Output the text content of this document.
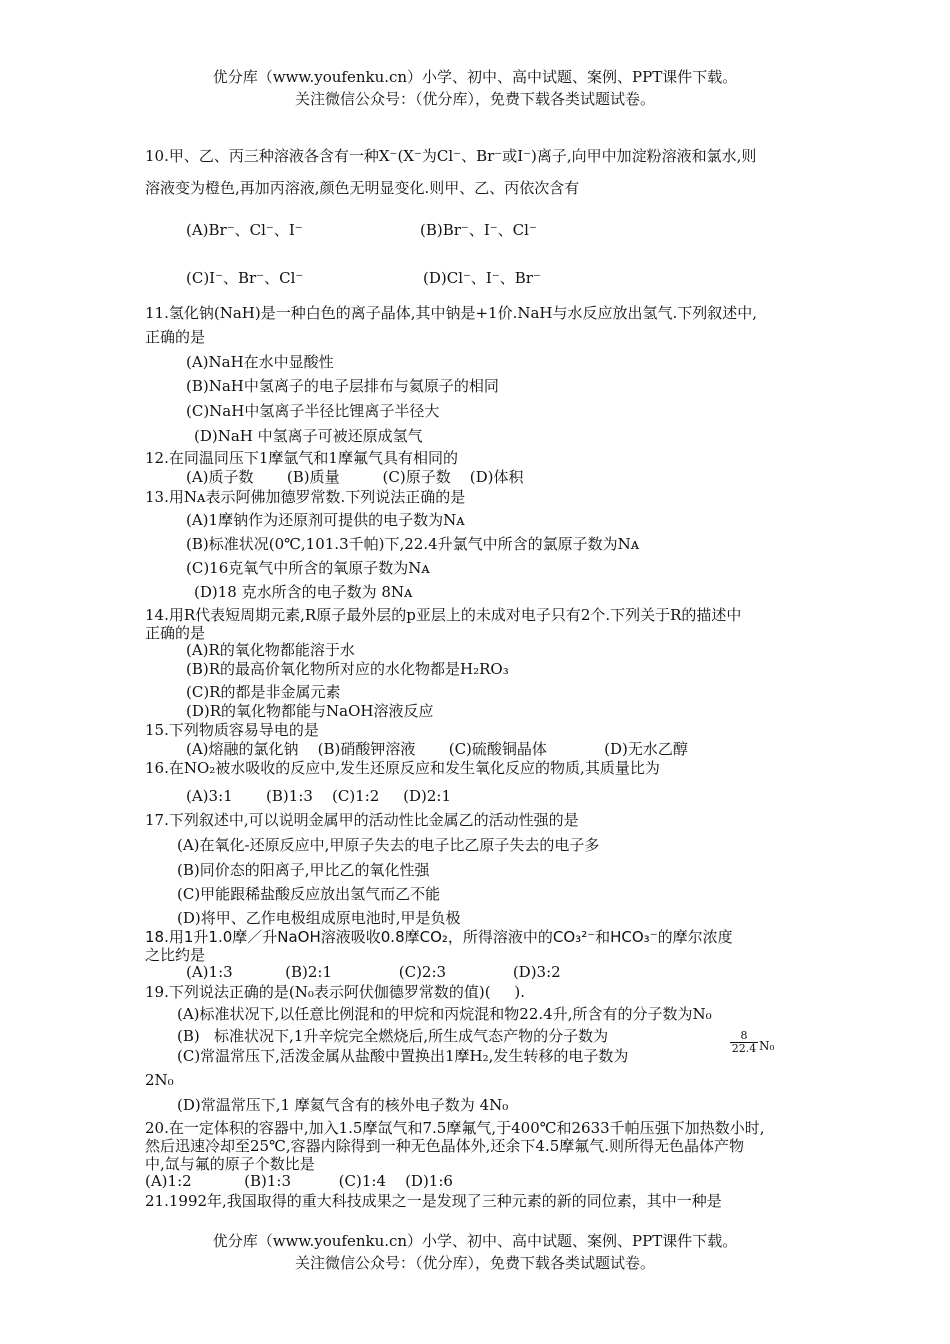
优分库（www.youfenku.cn）小学、初中、高中试题、案例、PPT课件下载。
关注微信公众号：（优分库），免费下载各类试题试卷。
10.甲、乙、丙三种溶液各含有一种X⁻(X⁻为Cl⁻、Br⁻或I⁻)离子,向甲中加淀粉溶液和氯水,则
溶液变为橙色,再加丙溶液,颜色无明显变化.则甲、乙、丙依次含有
(A)Br⁻、Cl⁻、I⁻	(B)Br⁻、I⁻、Cl⁻
(C)I⁻、Br⁻、Cl⁻	(D)Cl⁻、I⁻、Br⁻
11.氢化钠(NaH)是一种白色的离子晶体,其中钠是+1价.NaH与水反应放出氢气.下列叙述中,
正确的是
(A)NaH在水中显酸性
(B)NaH中氢离子的电子层排布与氦原子的相同
(C)NaH中氢离子半径比锂离子半径大
(D)NaH 中氢离子可被还原成氢气
12.在同温同压下1摩氩气和1摩氟气具有相同的
(A)质子数       (B)质量         (C)原子数    (D)体积
13.用Nᴀ表示阿佛加德罗常数.下列说法正确的是
(A)1摩钠作为还原剂可提供的电子数为Nᴀ
(B)标准状况(0℃,101.3千帕)下,22.4升氯气中所含的氯原子数为Nᴀ
(C)16克氧气中所含的氧原子数为Nᴀ
(D)18 克水所含的电子数为 8Nᴀ
14.用R代表短周期元素,R原子最外层的p亚层上的未成对电子只有2个.下列关于R的描述中
正确的是
(A)R的氧化物都能溶于水
(B)R的最高价氧化物所对应的水化物都是H₂RO₃
(C)R的都是非金属元素
(D)R的氧化物都能与NaOH溶液反应
15.下列物质容易导电的是
(A)熔融的氯化钠    (B)硝酸钾溶液       (C)硫酸铜晶体            (D)无水乙醇
16.在NO₂被水吸收的反应中,发生还原反应和发生氧化反应的物质,其质量比为
(A)3:1       (B)1:3    (C)1:2     (D)2:1
17.下列叙述中,可以说明金属甲的活动性比金属乙的活动性强的是
(A)在氧化-还原反应中,甲原子失去的电子比乙原子失去的电子多
(B)同价态的阳离子,甲比乙的氧化性强
(C)甲能跟稀盐酸反应放出氢气而乙不能
(D)将甲、乙作电极组成原电池时,甲是负极
18.用1升1.0摩／升NaOH溶液吸收0.8摩CO₂，所得溶液中的CO₃²⁻和HCO₃⁻的摩尔浓度
之比约是
(A)1:3           (B)2:1              (C)2:3              (D)3:2
19.下列说法正确的是(N₀表示阿伏伽德罗常数的值)(     ).
(A)标准状况下,以任意比例混和的甲烷和丙烷混和物22.4升,所含有的分子数为N₀
(B)   标准状况下,1升辛烷完全燃烧后,所生成气态产物的分子数为	$\frac{8}{22.4} N_0$
(C)常温常压下,活泼金属从盐酸中置换出1摩H₂,发生转移的电子数为
2N₀
(D)常温常压下,1 摩氦气含有的核外电子数为 4N₀
20.在一定体积的容器中,加入1.5摩氙气和7.5摩氟气,于400℃和2633千帕压强下加热数小时,
然后迅速冷却至25℃,容器内除得到一种无色晶体外,还余下4.5摩氟气.则所得无色晶体产物
中,氙与氟的原子个数比是
(A)1:2           (B)1:3          (C)1:4    (D)1:6
21.1992年,我国取得的重大科技成果之一是发现了三种元素的新的同位素，其中一种是
优分库（www.youfenku.cn）小学、初中、高中试题、案例、PPT课件下载。
关注微信公众号：（优分库），免费下载各类试题试卷。
